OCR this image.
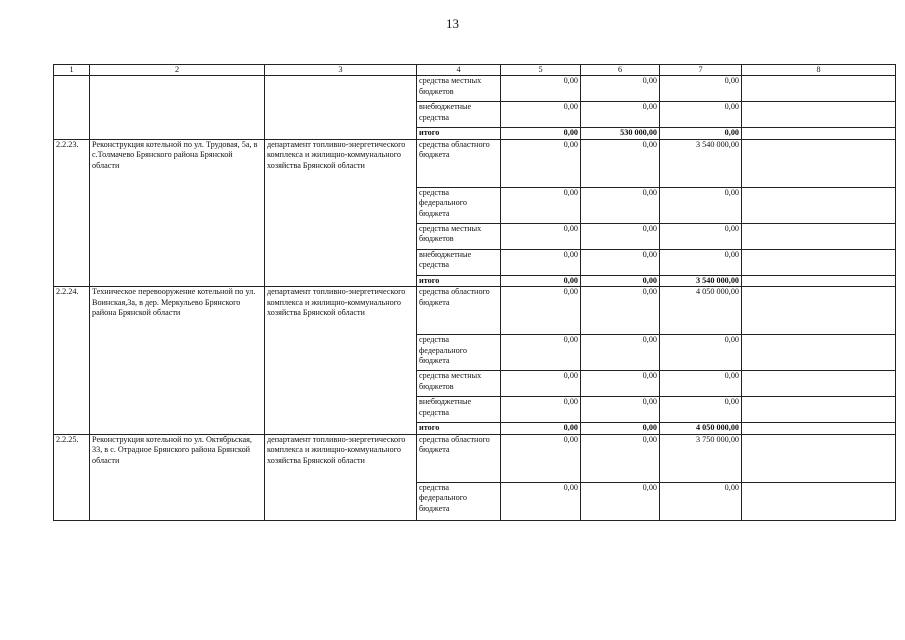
13
1	2	3	4	5	6	7	8
			средства местных бюджетов	0,00	0,00	0,00	
			внебюджетные средства	0,00	0,00	0,00	
			итого	0,00	530 000,00	0,00	
2.2.23.	Реконструкция котельной по ул. Трудовая, 5а, в с.Толмачево Брянского района Брянской области	департамент топливно-энергетического комплекса и жилищно-коммунального хозяйства Брянской области	средства областного бюджета	0,00	0,00	3 540 000,00	
			средства федерального бюджета	0,00	0,00	0,00	
			средства местных бюджетов	0,00	0,00	0,00	
			внебюджетные средства	0,00	0,00	0,00	
			итого	0,00	0,00	3 540 000,00	
2.2.24.	Техническое перевооружение котельной по ул. Воинская,3а, в дер. Меркульево Брянского района Брянской области	департамент топливно-энергетического комплекса и жилищно-коммунального хозяйства Брянской области	средства областного бюджета	0,00	0,00	4 050 000,00	
			средства федерального бюджета	0,00	0,00	0,00	
			средства местных бюджетов	0,00	0,00	0,00	
			внебюджетные средства	0,00	0,00	0,00	
			итого	0,00	0,00	4 050 000,00	
2.2.25.	Реконструкция котельной по ул. Октябрьская, 33, в с. Отрадное Брянского района Брянской области	департамент топливно-энергетического комплекса и жилищно-коммунального хозяйства Брянской области	средства областного бюджета	0,00	0,00	3 750 000,00	
			средства федерального бюджета	0,00	0,00	0,00	
